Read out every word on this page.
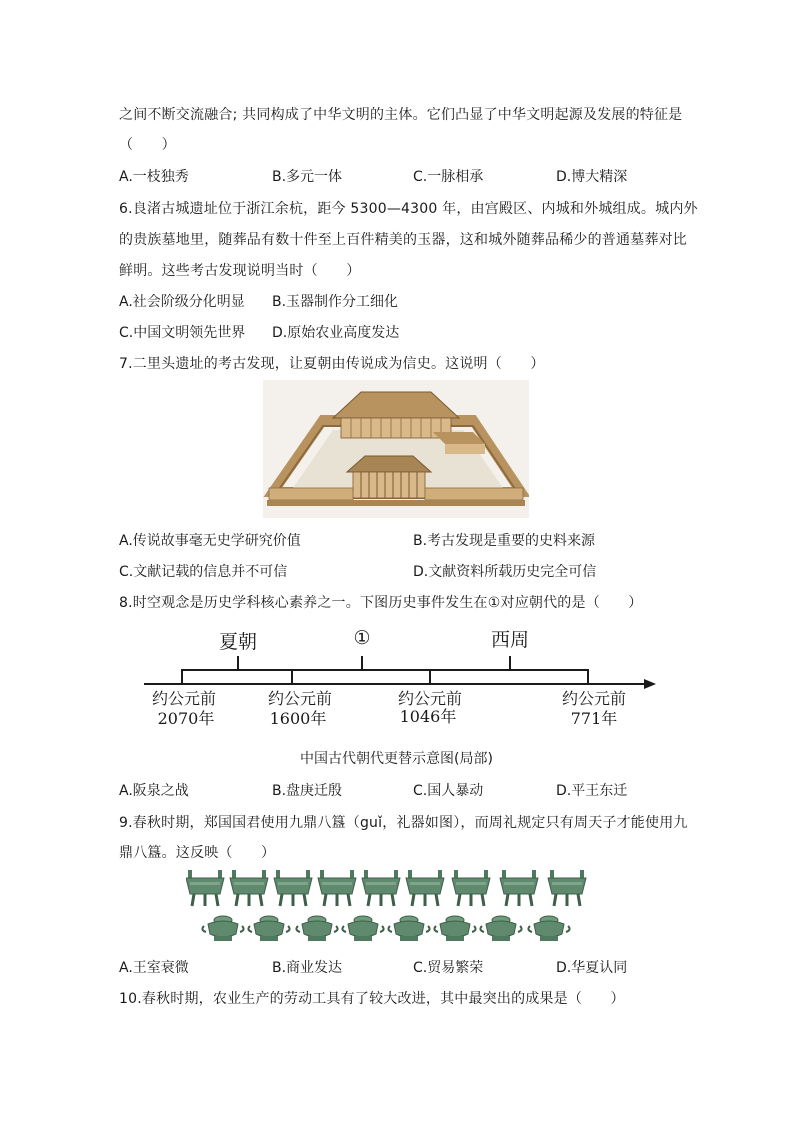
之间不断交流融合; 共同构成了中华文明的主体。它们凸显了中华文明起源及发展的特征是
（　　）
A.一枝独秀	B.多元一体	C.一脉相承	D.博大精深
6.良渚古城遗址位于浙江余杭，距今 5300—4300 年，由宫殿区、内城和外城组成。城内外
的贵族墓地里，随葬品有数十件至上百件精美的玉器，这和城外随葬品稀少的普通墓葬对比
鲜明。这些考古发现说明当时（　　）
A.社会阶级分化明显 B.玉器制作分工细化
C.中国文明领先世界 D.原始农业高度发达
7.二里头遗址的考古发现，让夏朝由传说成为信史。这说明（　　）
A.传说故事毫无史学研究价值	B.考古发现是重要的史料来源
C.文献记载的信息并不可信	D.文献资料所载历史完全可信
8.时空观念是历史学科核心素养之一。下图历史事件发生在①对应朝代的是（　　）
夏朝	①	西周
约公元前
2070年
约公元前
1600年
约公元前
1046年
约公元前
771年
中国古代朝代更替示意图(局部)
A.阪泉之战	B.盘庚迁殷	C.国人暴动	D.平王东迁
9.春秋时期，郑国国君使用九鼎八簋（guǐ，礼器如图），而周礼规定只有周天子才能使用九
鼎八簋。这反映（　　）
A.王室衰微	B.商业发达	C.贸易繁荣	D.华夏认同
10.春秋时期，农业生产的劳动工具有了较大改进，其中最突出的成果是（　　）
